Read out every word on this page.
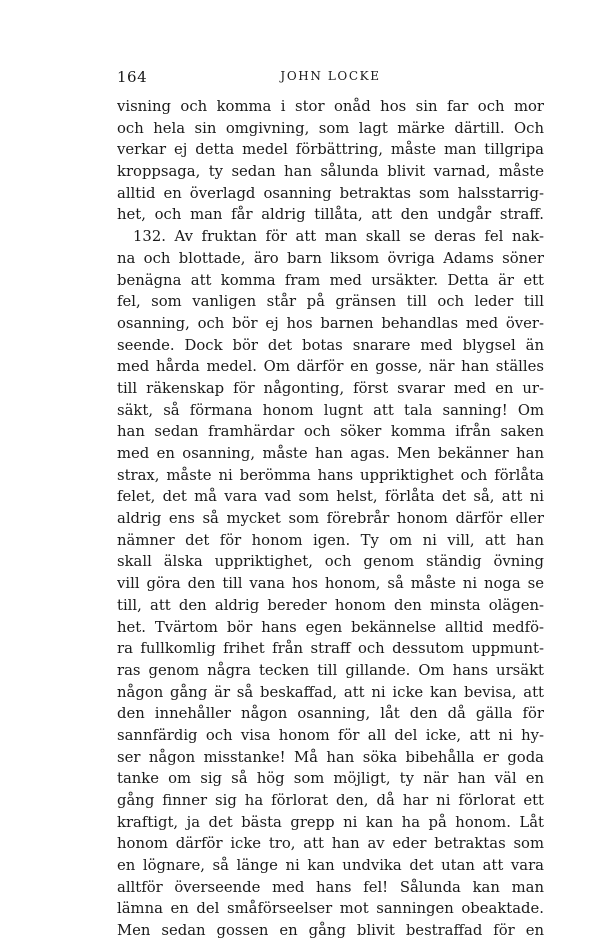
164	JOHN LOCKE
visning och komma i stor onåd hos sin far och mor
och hela sin omgivning, som lagt märke därtill. Och
verkar ej detta medel förbättring, måste man tillgripa
kroppsaga, ty sedan han sålunda blivit varnad, måste
alltid en överlagd osanning betraktas som halsstarrig-
het, och man får aldrig tillåta, att den undgår straff.
132. Av fruktan för att man skall se deras fel nak-
na och blottade, äro barn liksom övriga Adams söner
benägna att komma fram med ursäkter. Detta är ett
fel, som vanligen står på gränsen till och leder till
osanning, och bör ej hos barnen behandlas med över-
seende. Dock bör det botas snarare med blygsel än
med hårda medel. Om därför en gosse, när han ställes
till räkenskap för någonting, först svarar med en ur-
säkt, så förmana honom lugnt att tala sanning! Om
han sedan framhärdar och söker komma ifrån saken
med en osanning, måste han agas. Men bekänner han
strax, måste ni berömma hans uppriktighet och förlåta
felet, det må vara vad som helst, förlåta det så, att ni
aldrig ens så mycket som förebrår honom därför eller
nämner det för honom igen. Ty om ni vill, att han
skall älska uppriktighet, och genom ständig övning
vill göra den till vana hos honom, så måste ni noga se
till, att den aldrig bereder honom den minsta olägen-
het. Tvärtom bör hans egen bekännelse alltid medfö-
ra fullkomlig frihet från straff och dessutom uppmunt-
ras genom några tecken till gillande. Om hans ursäkt
någon gång är så beskaffad, att ni icke kan bevisa, att
den innehåller någon osanning, låt den då gälla för
sannfärdig och visa honom för all del icke, att ni hy-
ser någon misstanke! Må han söka bibehålla er goda
tanke om sig så hög som möjligt, ty när han väl en
gång finner sig ha förlorat den, då har ni förlorat ett
kraftigt, ja det bästa grepp ni kan ha på honom. Låt
honom därför icke tro, att han av eder betraktas som
en lögnare, så länge ni kan undvika det utan att vara
alltför överseende med hans fel! Sålunda kan man
lämna en del småförseelser mot sanningen obeaktade.
Men sedan gossen en gång blivit bestraffad för en
